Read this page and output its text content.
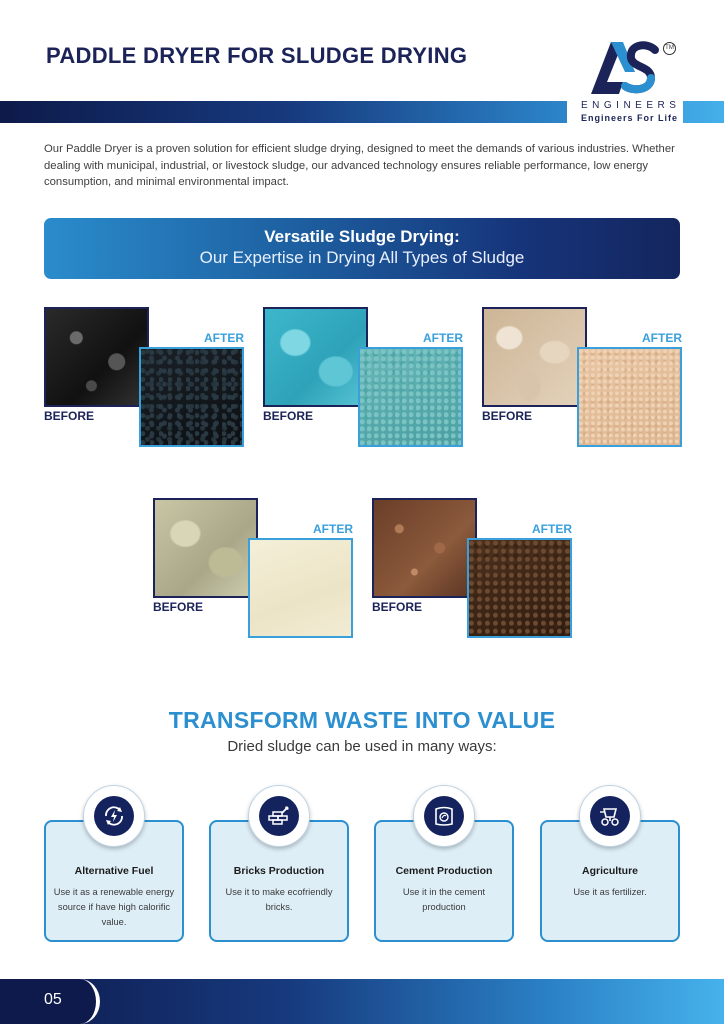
PADDLE DRYER FOR SLUDGE DRYING	TM
ENGINEERS
Engineers For Life

Our Paddle Dryer is a proven solution for efficient sludge drying, designed to meet the demands of various industries. Whether dealing with municipal, industrial, or livestock sludge, our advanced technology ensures reliable performance, low energy consumption, and minimal environmental impact.

Versatile Sludge Drying:
Our Expertise in Drying All Types of Sludge
AFTER
BEFORE
AFTER
BEFORE
AFTER
BEFORE
AFTER
BEFORE
AFTER
BEFORE
TRANSFORM WASTE INTO VALUE
Dried sludge can be used in many ways:
Alternative Fuel
Use it as a renewable energy source if have high calorific value.
Bricks Production
Use it to make ecofriendly bricks.
Cement Production
Use it in the cement production
Agriculture
Use it as fertilizer.
05
